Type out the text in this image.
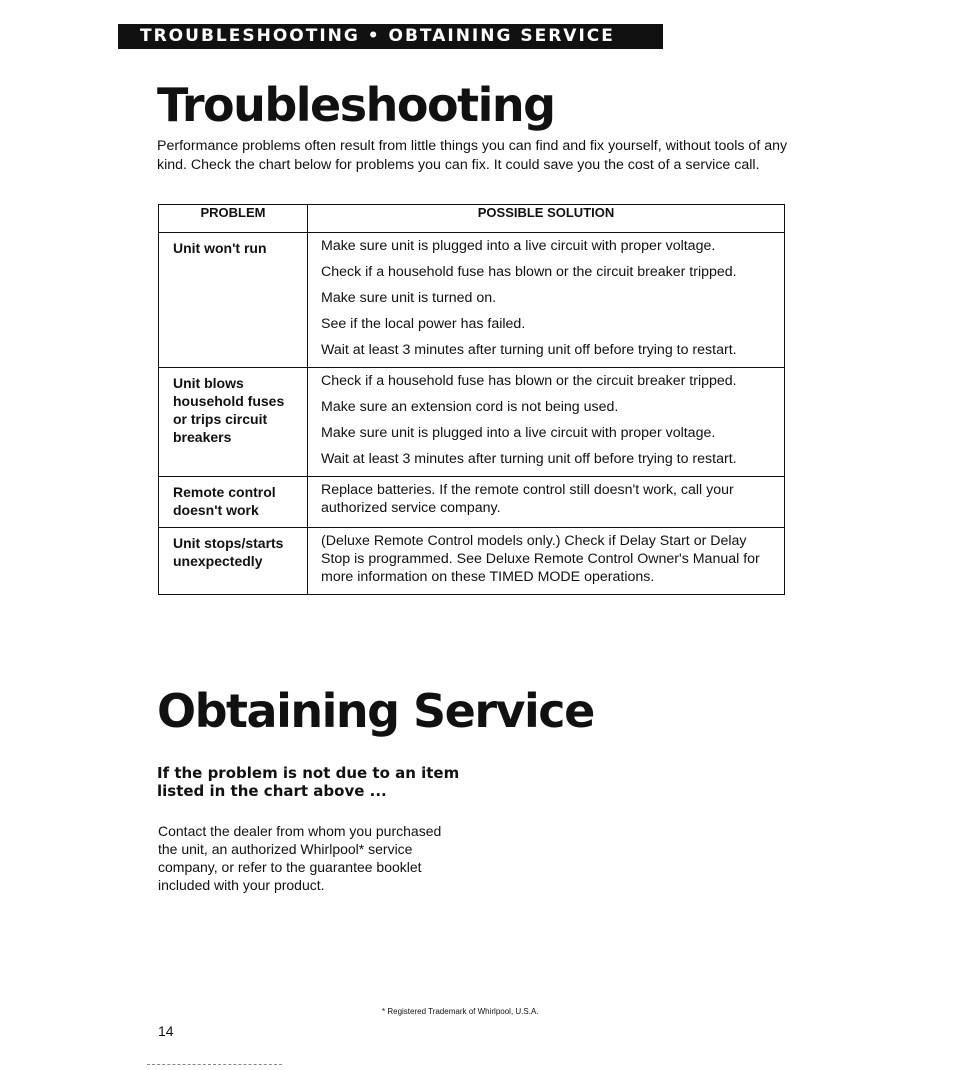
TROUBLESHOOTING • OBTAINING SERVICE
Troubleshooting

Performance problems often result from little things you can find and fix yourself, without tools of any kind. Check the chart below for problems you can fix. It could save you the cost of a service call.

PROBLEM	POSSIBLE SOLUTION
Unit won't run	Make sure unit is plugged into a live circuit with proper voltage.
Check if a household fuse has blown or the circuit breaker tripped.
Make sure unit is turned on.
See if the local power has failed.
Wait at least 3 minutes after turning unit off before trying to restart.

Unit blows household fuses or trips circuit breakers	Check if a household fuse has blown or the circuit breaker tripped.
Make sure an extension cord is not being used.
Make sure unit is plugged into a live circuit with proper voltage.
Wait at least 3 minutes after turning unit off before trying to restart.

Remote control doesn't work	Replace batteries. If the remote control still doesn't work, call your authorized service company.

Unit stops/starts unexpectedly	(Deluxe Remote Control models only.) Check if Delay Start or Delay Stop is programmed. See Deluxe Remote Control Owner's Manual for more information on these TIMED MODE operations.
Obtaining Service

If the problem is not due to an item listed in the chart above ...

Contact the dealer from whom you purchased the unit, an authorized Whirlpool* service company, or refer to the guarantee booklet included with your product.

* Registered Trademark of Whirlpool, U.S.A.

14
